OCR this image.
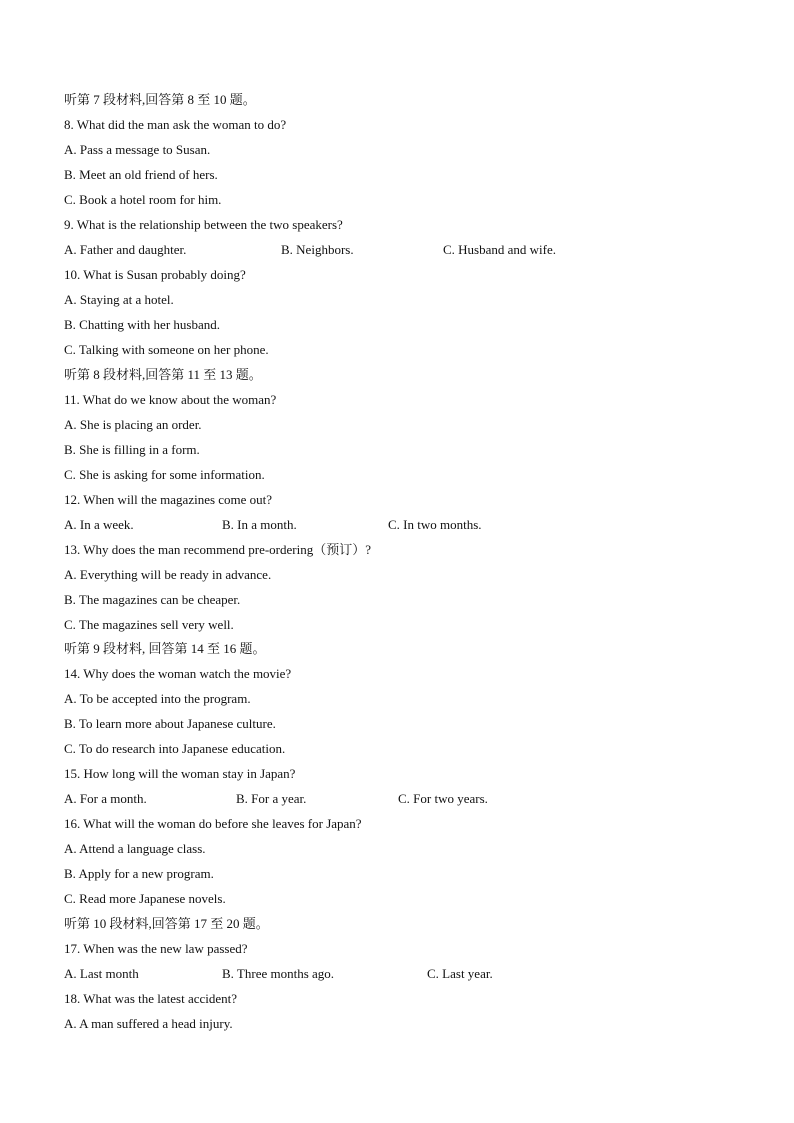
听第 7 段材料,回答第 8 至 10 题。
8. What did the man ask the woman to do?
A. Pass a message to Susan.
B. Meet an old friend of hers.
C. Book a hotel room for him.
9. What is the relationship between the two speakers?
A. Father and daughter.	B. Neighbors.	C. Husband and wife.
10. What is Susan probably doing?
A. Staying at a hotel.
B. Chatting with her husband.
C. Talking with someone on her phone.
听第 8 段材料,回答第 11 至 13 题。
11. What do we know about the woman?
A. She is placing an order.
B. She is filling in a form.
C. She is asking for some information.
12. When will the magazines come out?
A. In a week.	B. In a month.	C. In two months.
13. Why does the man recommend pre-ordering（预订）?
A. Everything will be ready in advance.
B. The magazines can be cheaper.
C. The magazines sell very well.
听第 9 段材料, 回答第 14 至 16 题。
14. Why does the woman watch the movie?
A. To be accepted into the program.
B. To learn more about Japanese culture.
C. To do research into Japanese education.
15. How long will the woman stay in Japan?
A. For a month.	B. For a year.	C. For two years.
16. What will the woman do before she leaves for Japan?
A. Attend a language class.
B. Apply for a new program.
C. Read more Japanese novels.
听第 10 段材料,回答第 17 至 20 题。
17. When was the new law passed?
A. Last month	B. Three months ago.	C. Last year.
18. What was the latest accident?
A. A man suffered a head injury.
